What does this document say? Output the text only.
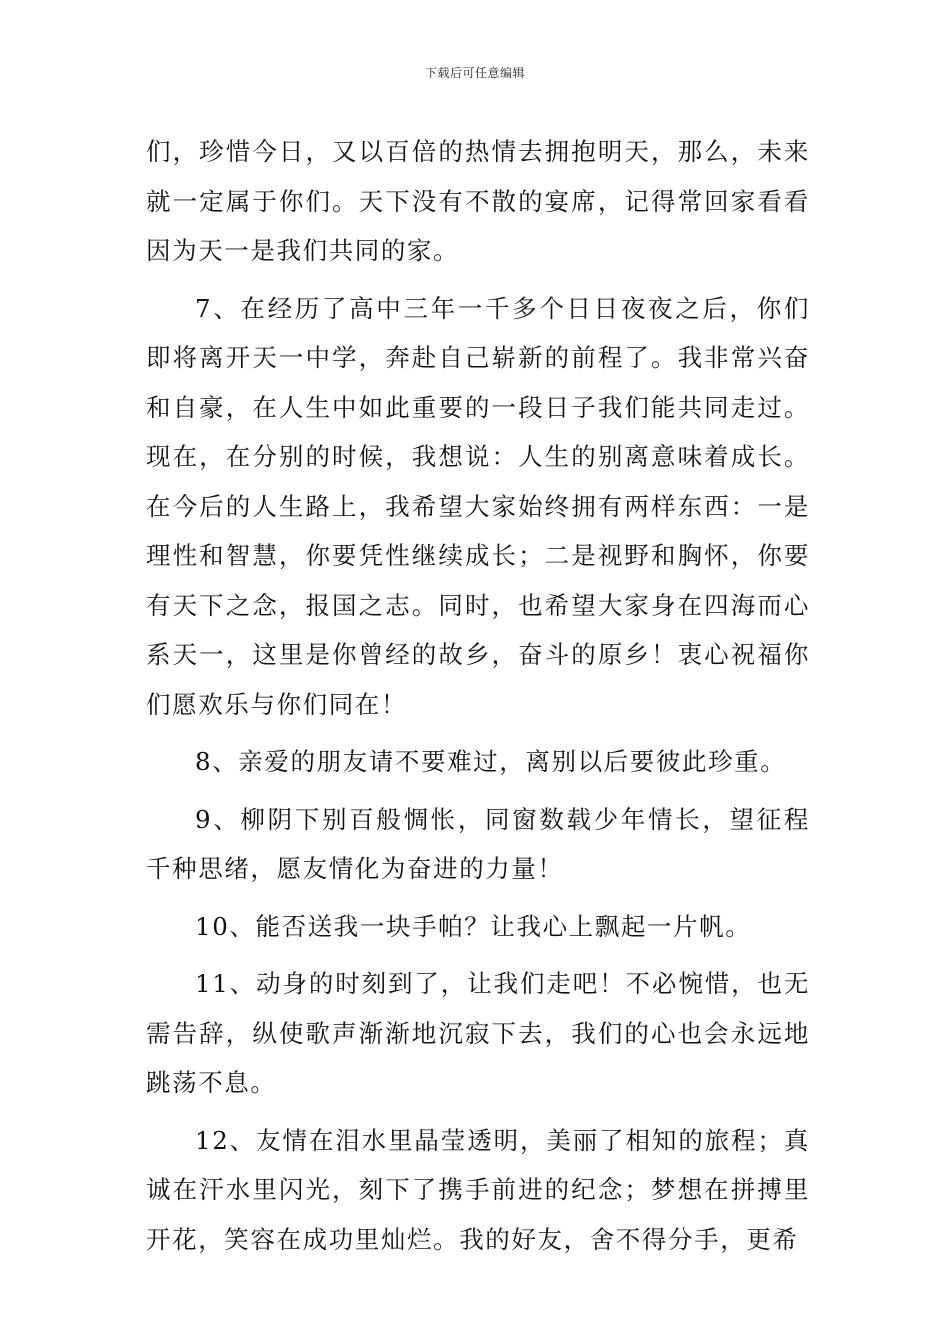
下载后可任意编辑

们，珍惜今日，又以百倍的热情去拥抱明天，那么，未来就一定属于你们。天下没有不散的宴席，记得常回家看看因为天一是我们共同的家。

7、在经历了高中三年一千多个日日夜夜之后，你们即将离开天一中学，奔赴自己崭新的前程了。我非常兴奋和自豪，在人生中如此重要的一段日子我们能共同走过。现在，在分别的时候，我想说：人生的别离意味着成长。在今后的人生路上，我希望大家始终拥有两样东西：一是理性和智慧，你要凭性继续成长；二是视野和胸怀，你要有天下之念，报国之志。同时，也希望大家身在四海而心系天一，这里是你曾经的故乡，奋斗的原乡！衷心祝福你们愿欢乐与你们同在！

8、亲爱的朋友请不要难过，离别以后要彼此珍重。

9、柳阴下别百般惆怅，同窗数载少年情长，望征程千种思绪，愿友情化为奋进的力量！

10、能否送我一块手帕？让我心上飘起一片帆。

11、动身的时刻到了，让我们走吧！不必惋惜，也无需告辞，纵使歌声渐渐地沉寂下去，我们的心也会永远地跳荡不息。

12、友情在泪水里晶莹透明，美丽了相知的旅程；真诚在汗水里闪光，刻下了携手前进的纪念；梦想在拼搏里开花，笑容在成功里灿烂。我的好友，舍不得分手，更希
